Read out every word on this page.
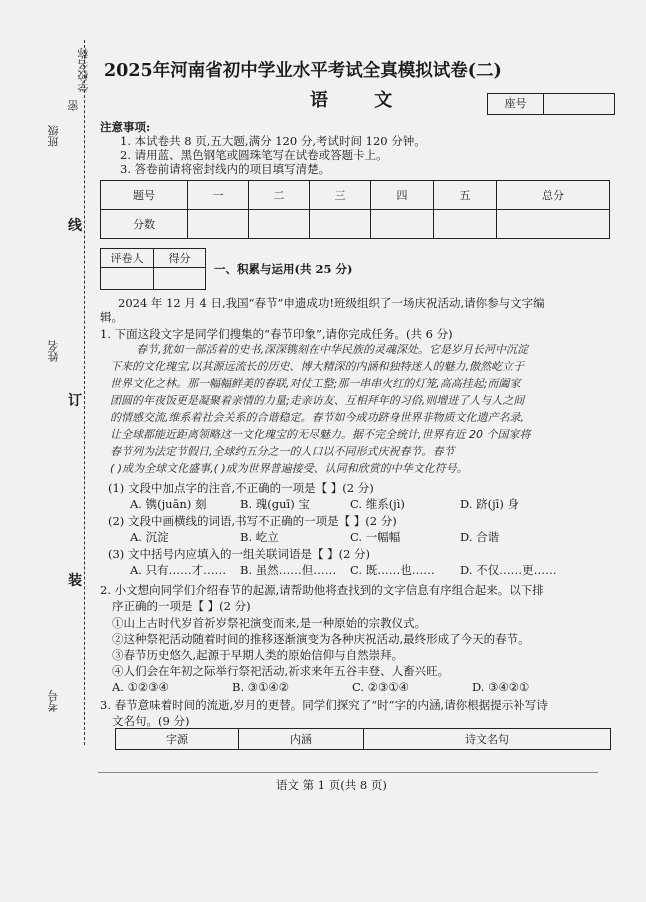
学校名称
密
班级
姓名
考号
线
订
装
2025年河南省初中学业水平考试全真模拟试卷(二)
语 文	座号
注意事项:
1. 本试卷共 8 页,五大题,满分 120 分,考试时间 120 分钟。
2. 请用蓝、黑色钢笔或圆珠笔写在试卷或答题卡上。
3. 答卷前请将密封线内的项目填写清楚。
题号	一	二	三	四	五	总分
分数						
评卷人	得分

一、积累与运用(共 25 分)
2024 年 12 月 4 日,我国“春节”申遗成功!班级组织了一场庆祝活动,请你参与文字编
辑。
1. 下面这段文字是同学们搜集的“春节印象”,请你完成任务。(共 6 分)
春节,犹如一部活着的史书,深深镌刻在中华民族的灵魂深处。它是岁月长河中沉淀
下来的文化瑰宝,以其源远流长的历史、博大精深的内涵和独特迷人的魅力,傲然屹立于
世界文化之林。那一幅幅鲜美的春联,对仗工整;那一串串火红的灯笼,高高挂起;而阖家
团圆的年夜饭更是凝聚着亲情的力量;走亲访友、互相拜年的习俗,则增进了人与人之间
的情感交流,维系着社会关系的合谐稳定。春节如今成功跻身世界非物质文化遗产名录,
让全球都能近距离领略这一文化瑰宝的无尽魅力。据不完全统计,世界有近 20 个国家将
春节列为法定节假日,全球约五分之一的人口以不同形式庆祝春节。春节
( )成为全球文化盛事,( )成为世界普遍接受、认同和欣赏的中华文化符号。
(1) 文段中加点字的注音,不正确的一项是【 】(2 分)
A. 镌(juān) 刻	B. 瑰(guī) 宝	C. 维系(jì)	D. 跻(jī) 身
(2) 文段中画横线的词语,书写不正确的一项是【 】(2 分)
A. 沉淀	B. 屹立	C. 一幅幅	D. 合谐
(3) 文中括号内应填入的一组关联词语是【 】(2 分)
A. 只有……才…… B. 虽然……但…… C. 既……也…… D. 不仅……更……
2. 小文想向同学们介绍春节的起源,请帮助他将查找到的文字信息有序组合起来。以下排
序正确的一项是【 】(2 分)
①山上古时代岁首祈岁祭祀演变而来,是一种原始的宗教仪式。
②这种祭祀活动随着时间的推移逐渐演变为各种庆祝活动,最终形成了今天的春节。
③春节历史悠久,起源于早期人类的原始信仰与自然崇拜。
④人们会在年初之际举行祭祀活动,祈求来年五谷丰登、人畜兴旺。
A. ①②③④	B. ③①④②	C. ②③①④	D. ③④②①
3. 春节意味着时间的流逝,岁月的更替。同学们探究了“时”字的内涵,请你根据提示补写诗
文名句。(9 分)
字源	内涵	诗文名句
语文 第 1 页(共 8 页)
